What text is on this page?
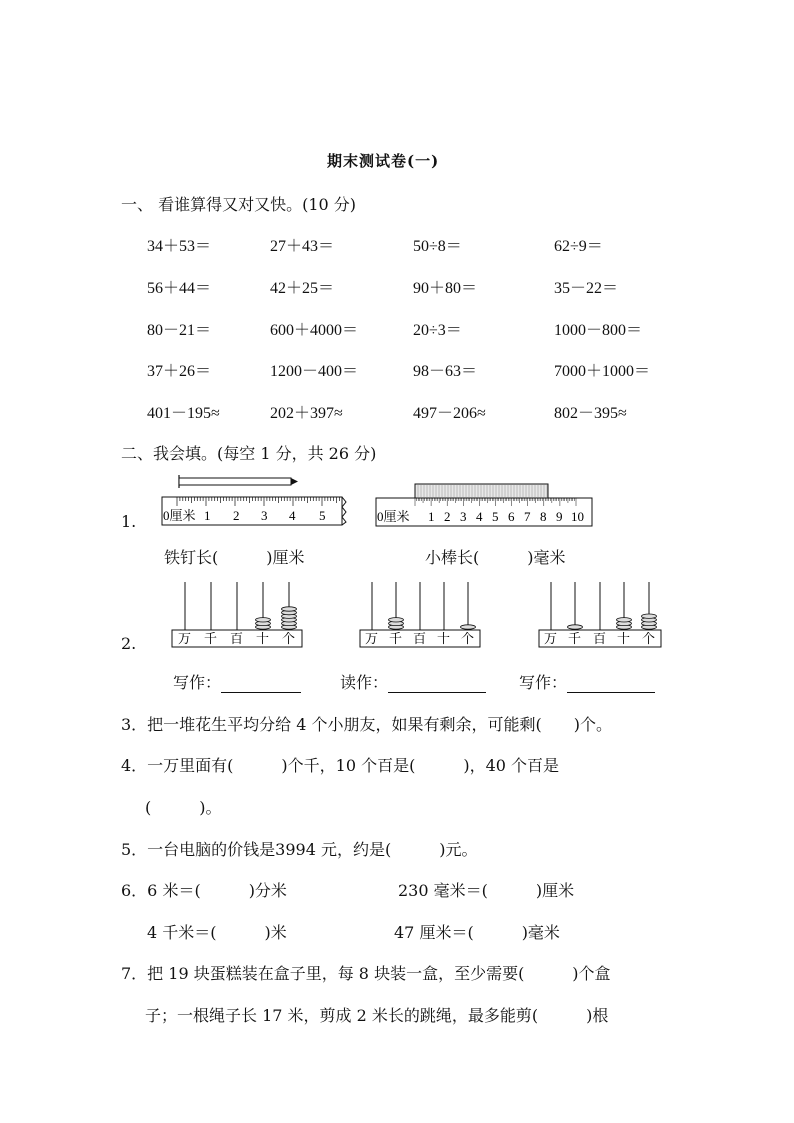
期末测试卷(一)
一、 看谁算得又对又快。(10 分)
34＋53＝	27＋43＝	50÷8＝	62÷9＝
56＋44＝	42＋25＝	90＋80＝	35－22＝
80－21＝	600＋4000＝	20÷3＝	1000－800＝
37＋26＝	1200－400＝	98－63＝	7000＋1000＝
401－195≈	202＋397≈	497－206≈	802－395≈
二、我会填。(每空 1 分，共 26 分)
1. 0厘米 1 2 3 4 5	0厘米 1 2 3 4 5 6 7 8 9 10
铁钉长(　　　)厘米	小棒长(　　　)毫米
2.	万 千 百 十 个	万 千 百 十 个	万 千 百 十 个
写作：	读作：	写作：
3．把一堆花生平均分给 4 个小朋友，如果有剩余，可能剩(　　)个。
4．一万里面有(　　　)个千，10 个百是(　　　)，40 个百是
(　　　)。
5．一台电脑的价钱是3994 元，约是(　　　)元。
6．6 米＝(　　　)分米	230 毫米＝(　　　)厘米
4 千米＝(　　　)米	47 厘米＝(　　　)毫米
7．把 19 块蛋糕装在盒子里，每 8 块装一盒，至少需要(　　　)个盒
子；一根绳子长 17 米，剪成 2 米长的跳绳，最多能剪(　　　)根
